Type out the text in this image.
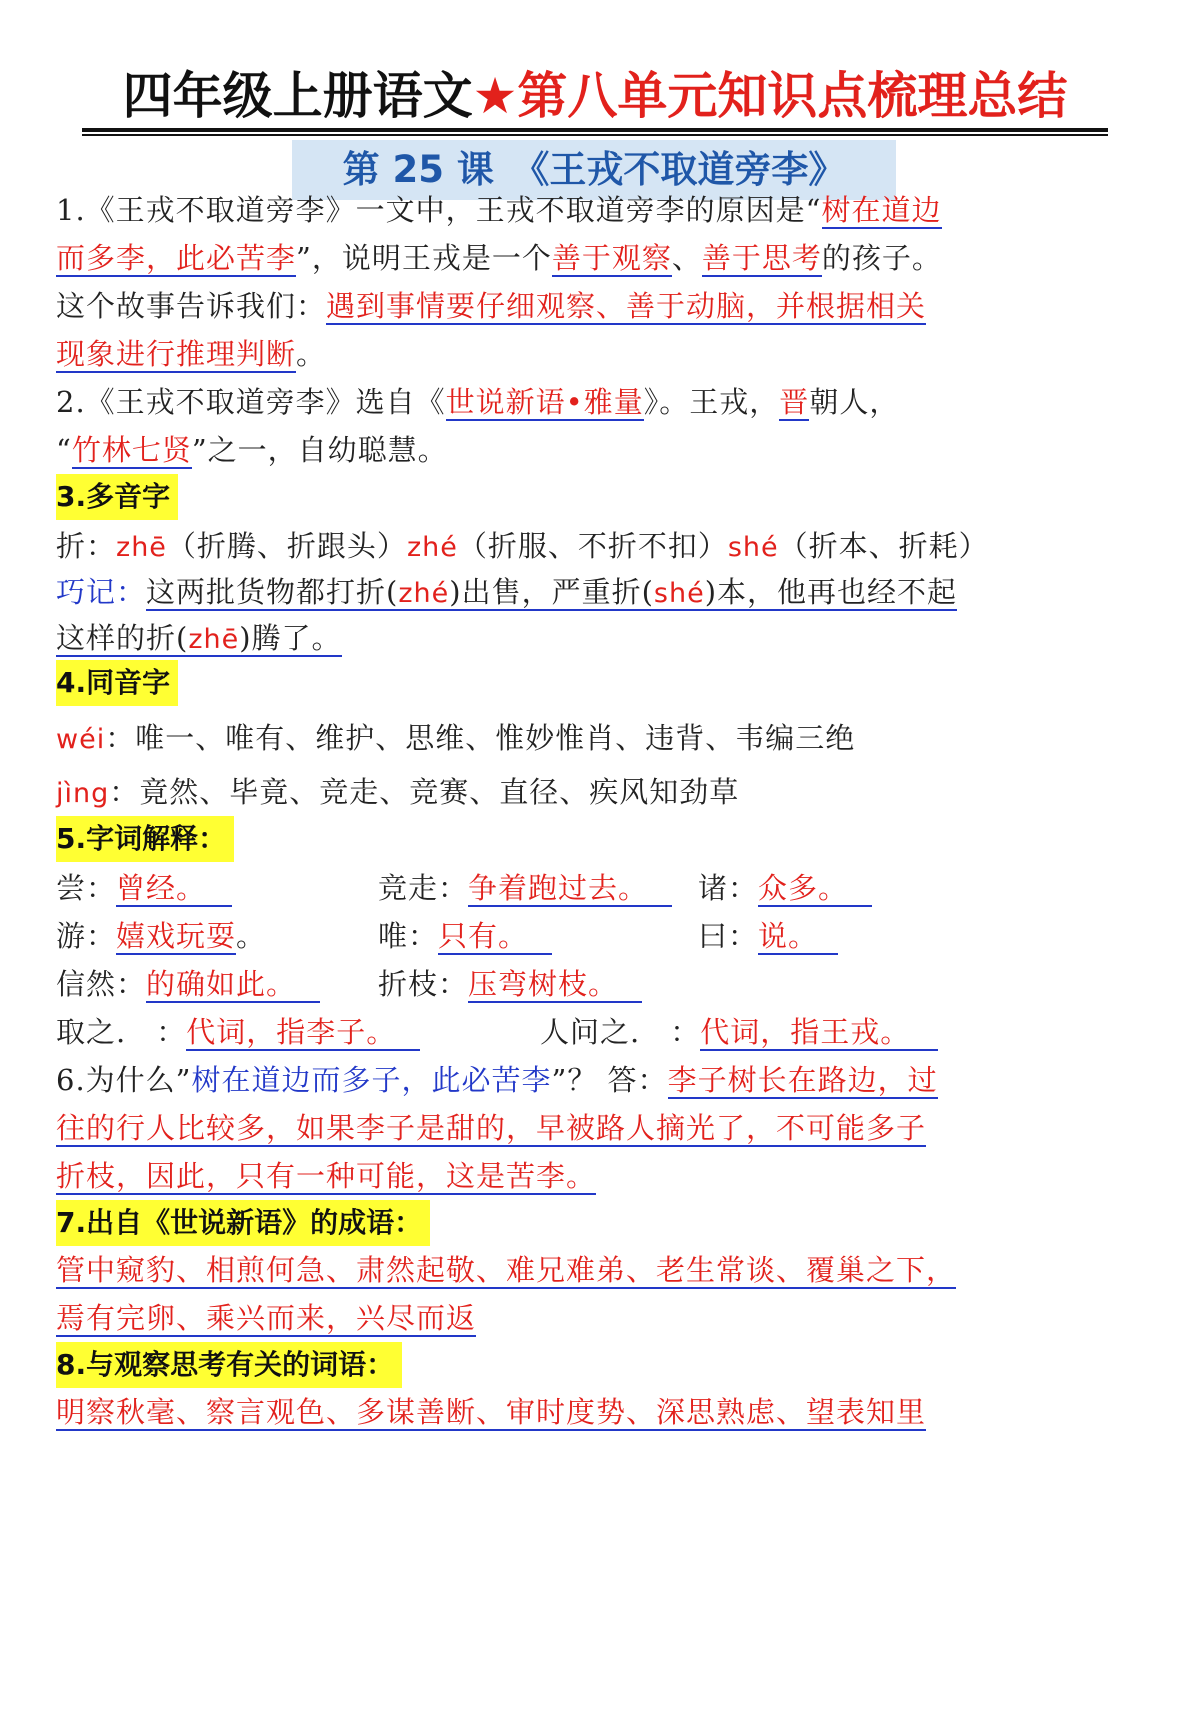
四年级上册语文★第八单元知识点梳理总结
第 25 课　《王戎不取道旁李》
1.《王戎不取道旁李》一文中，王戎不取道旁李的原因是“树在道边
而多李，此必苦李”，说明王戎是一个善于观察、善于思考的孩子。
这个故事告诉我们：遇到事情要仔细观察、善于动脑，并根据相关
现象进行推理判断。
2.《王戎不取道旁李》选自《世说新语•雅量》。王戎，晋朝人，
“竹林七贤”之一，自幼聪慧。
3.多音字
折：zhē（折腾、折跟头）zhé（折服、不折不扣）shé（折本、折耗）
巧记：这两批货物都打折(zhé)出售，严重折(shé)本，他再也经不起
这样的折(zhē)腾了。
4.同音字
wéi：唯一、唯有、维护、思维、惟妙惟肖、违背、韦编三绝
jìng：竟然、毕竟、竞走、竞赛、直径、疾风知劲草
5.字词解释：
尝：曾经。	竞走：争着跑过去。	诸：众多。
游：嬉戏玩耍。	唯：只有。	曰：说。
信然：的确如此。	折枝：压弯树枝。
取之.　：代词，指李子。	人问之.　：代词，指王戎。
6.为什么”树在道边而多子，此必苦李”？ 答：李子树长在路边，过
往的行人比较多，如果李子是甜的，早被路人摘光了，不可能多子
折枝，因此，只有一种可能，这是苦李。
7.出自《世说新语》的成语：
管中窥豹、相煎何急、肃然起敬、难兄难弟、老生常谈、覆巢之下，
焉有完卵、乘兴而来，兴尽而返
8.与观察思考有关的词语：
明察秋毫、察言观色、多谋善断、审时度势、深思熟虑、望表知里
